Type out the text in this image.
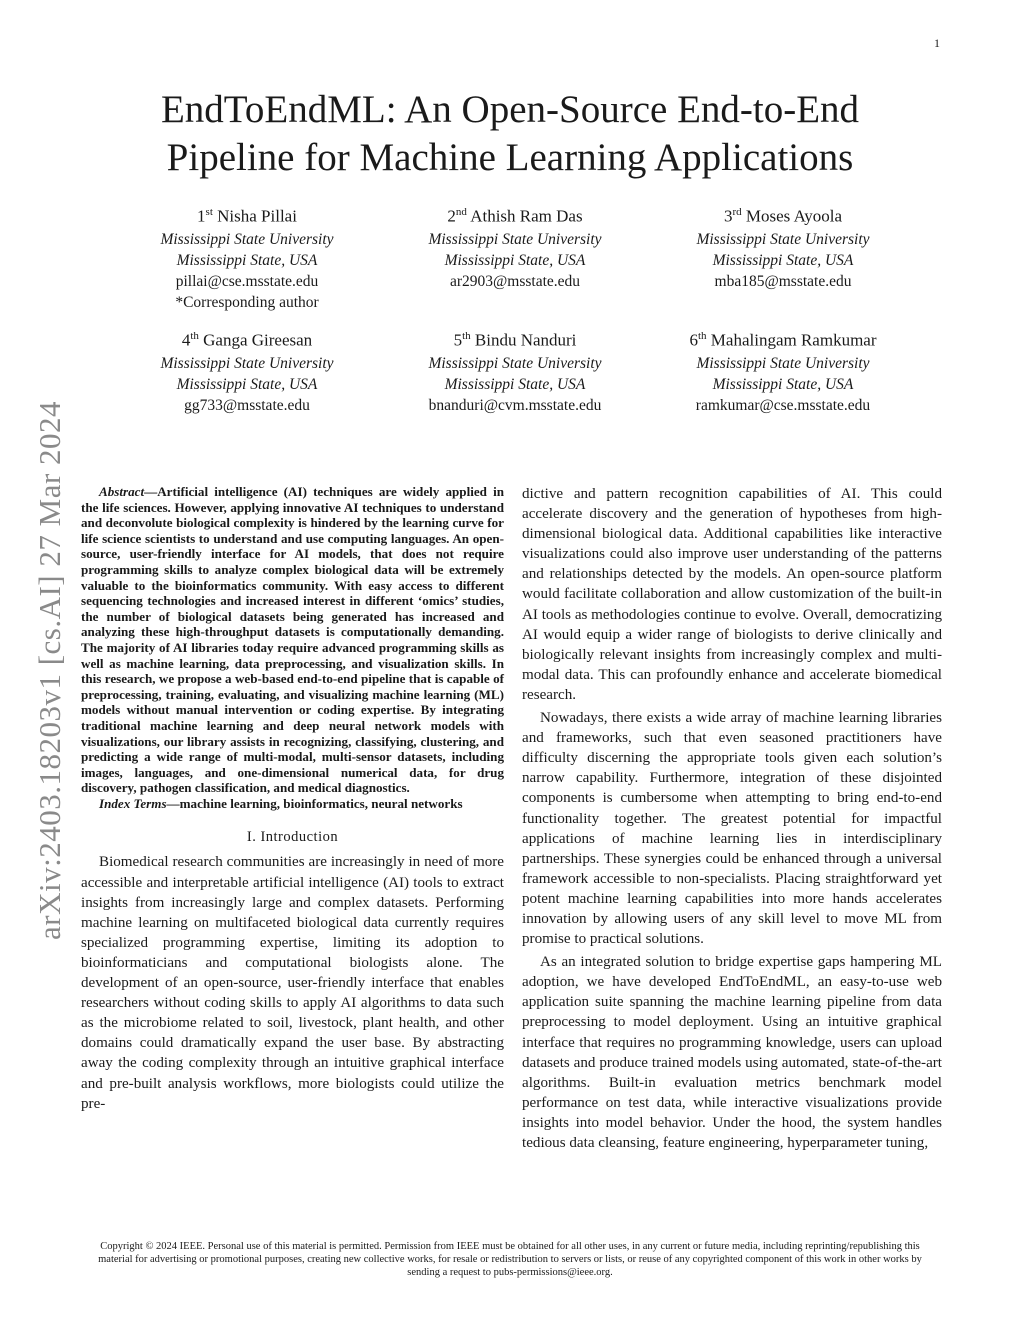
1
arXiv:2403.18203v1 [cs.AI] 27 Mar 2024
EndToEndML: An Open-Source End-to-End Pipeline for Machine Learning Applications
1st Nisha Pillai
Mississippi State University
Mississippi State, USA
pillai@cse.msstate.edu
*Corresponding author
2nd Athish Ram Das
Mississippi State University
Mississippi State, USA
ar2903@msstate.edu
3rd Moses Ayoola
Mississippi State University
Mississippi State, USA
mba185@msstate.edu
4th Ganga Gireesan
Mississippi State University
Mississippi State, USA
gg733@msstate.edu
5th Bindu Nanduri
Mississippi State University
Mississippi State, USA
bnanduri@cvm.msstate.edu
6th Mahalingam Ramkumar
Mississippi State University
Mississippi State, USA
ramkumar@cse.msstate.edu

Abstract—Artificial intelligence (AI) techniques are widely applied in the life sciences. However, applying innovative AI techniques to understand and deconvolute biological complexity is hindered by the learning curve for life science scientists to understand and use computing languages. An open-source, user-friendly interface for AI models, that does not require programming skills to analyze complex biological data will be extremely valuable to the bioinformatics community. With easy access to different sequencing technologies and increased interest in different ‘omics’ studies, the number of biological datasets being generated has increased and analyzing these high-throughput datasets is computationally demanding. The majority of AI libraries today require advanced programming skills as well as machine learning, data preprocessing, and visualization skills. In this research, we propose a web-based end-to-end pipeline that is capable of preprocessing, training, evaluating, and visualizing machine learning (ML) models without manual intervention or coding expertise. By integrating traditional machine learning and deep neural network models with visualizations, our library assists in recognizing, classifying, clustering, and predicting a wide range of multi-modal, multi-sensor datasets, including images, languages, and one-dimensional numerical data, for drug discovery, pathogen classification, and medical diagnostics.

Index Terms—machine learning, bioinformatics, neural networks

I. Introduction

Biomedical research communities are increasingly in need of more accessible and interpretable artificial intelligence (AI) tools to extract insights from increasingly large and complex datasets. Performing machine learning on multifaceted biological data currently requires specialized programming expertise, limiting its adoption to bioinformaticians and computational biologists alone. The development of an open-source, user-friendly interface that enables researchers without coding skills to apply AI algorithms to data such as the microbiome related to soil, livestock, plant health, and other domains could dramatically expand the user base. By abstracting away the coding complexity through an intuitive graphical interface and pre-built analysis workflows, more biologists could utilize the pre-

dictive and pattern recognition capabilities of AI. This could accelerate discovery and the generation of hypotheses from high-dimensional biological data. Additional capabilities like interactive visualizations could also improve user understanding of the patterns and relationships detected by the models. An open-source platform would facilitate collaboration and allow customization of the built-in AI tools as methodologies continue to evolve. Overall, democratizing AI would equip a wider range of biologists to derive clinically and biologically relevant insights from increasingly complex and multi-modal data. This can profoundly enhance and accelerate biomedical research.

Nowadays, there exists a wide array of machine learning libraries and frameworks, such that even seasoned practitioners have difficulty discerning the appropriate tools given each solution’s narrow capability. Furthermore, integration of these disjointed components is cumbersome when attempting to bring end-to-end functionality together. The greatest potential for impactful applications of machine learning lies in interdisciplinary partnerships. These synergies could be enhanced through a universal framework accessible to non-specialists. Placing straightforward yet potent machine learning capabilities into more hands accelerates innovation by allowing users of any skill level to move ML from promise to practical solutions.

As an integrated solution to bridge expertise gaps hampering ML adoption, we have developed EndToEndML, an easy-to-use web application suite spanning the machine learning pipeline from data preprocessing to model deployment. Using an intuitive graphical interface that requires no programming knowledge, users can upload datasets and produce trained models using automated, state-of-the-art algorithms. Built-in evaluation metrics benchmark model performance on test data, while interactive visualizations provide insights into model behavior. Under the hood, the system handles tedious data cleansing, feature engineering, hyperparameter tuning,

Copyright © 2024 IEEE. Personal use of this material is permitted. Permission from IEEE must be obtained for all other uses, in any current or future media, including reprinting/republishing this material for advertising or promotional purposes, creating new collective works, for resale or redistribution to servers or lists, or reuse of any copyrighted component of this work in other works by sending a request to pubs-permissions@ieee.org.
